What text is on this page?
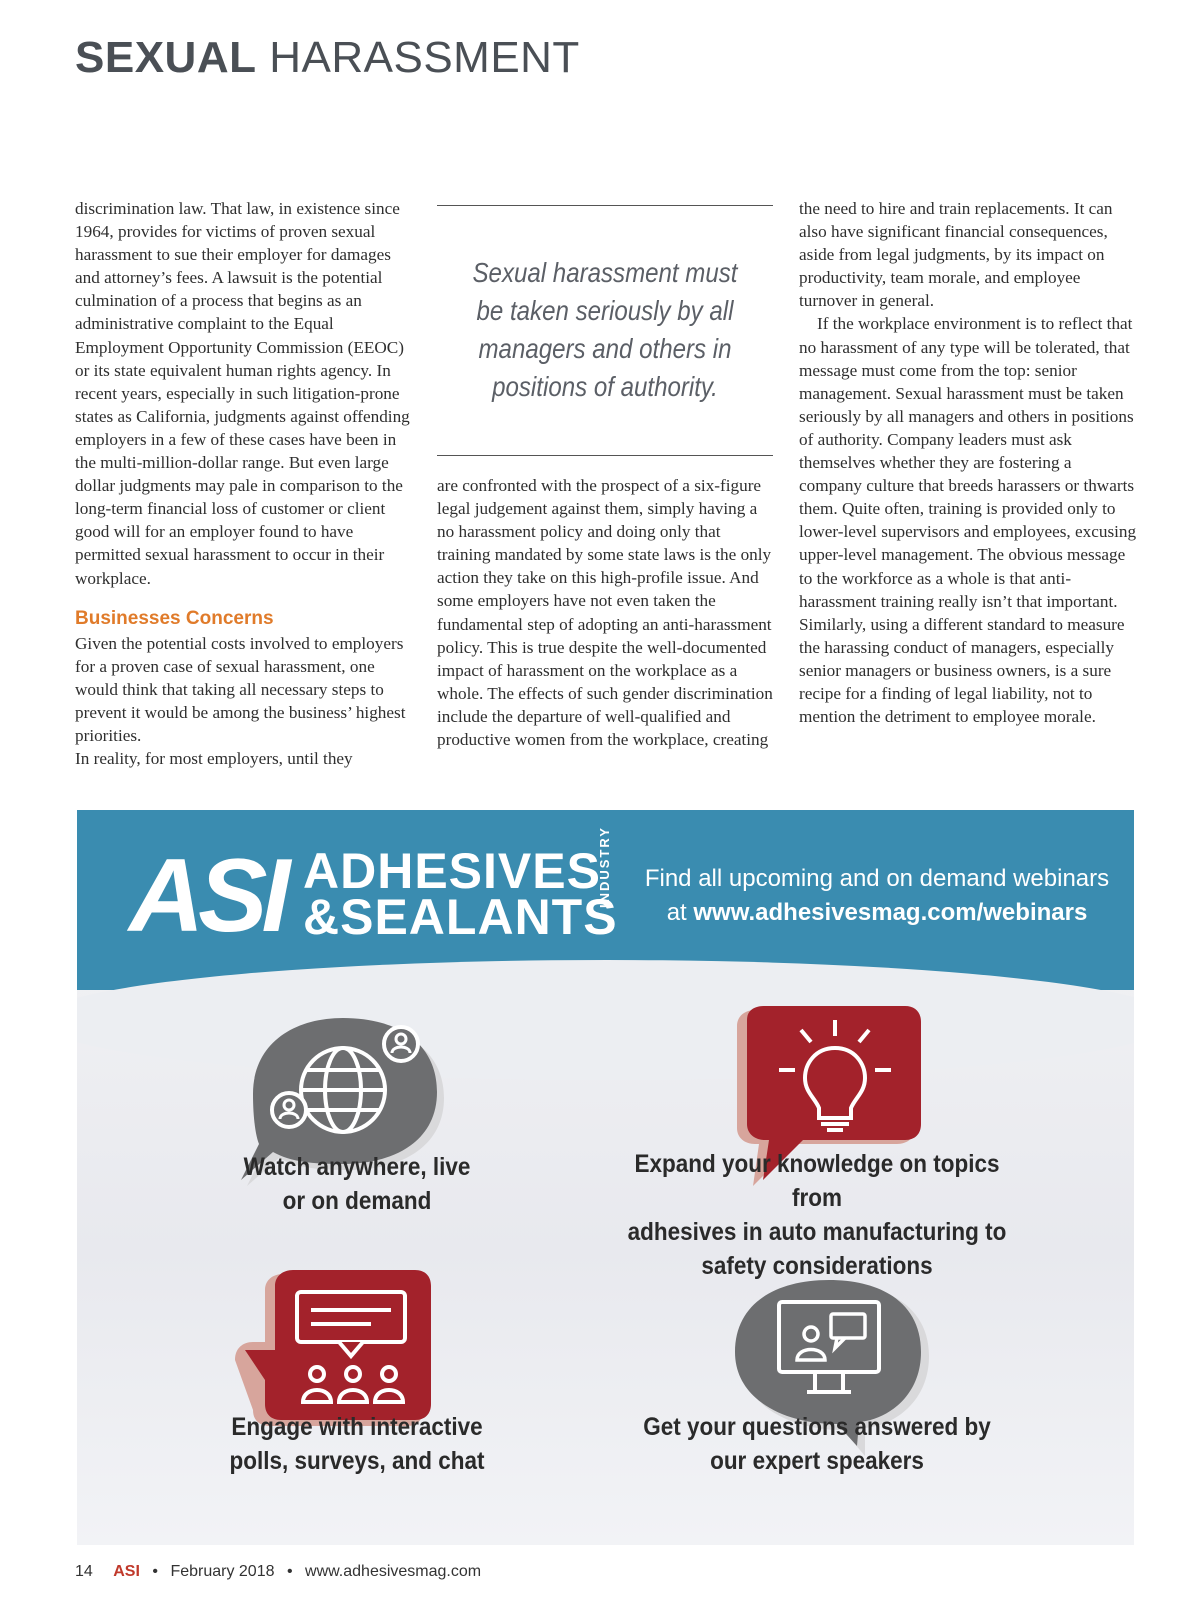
SEXUAL HARASSMENT

discrimination law. That law, in existence since 1964, provides for victims of proven sexual harassment to sue their employer for damages and attorney’s fees. A lawsuit is the potential culmination of a process that begins as an administrative complaint to the Equal Employment Opportunity Commission (EEOC) or its state equivalent human rights agency. In recent years, especially in such litigation-prone states as California, judgments against offending employers in a few of these cases have been in the multi-million-dollar range. But even large dollar judgments may pale in comparison to the long-term financial loss of customer or client good will for an employer found to have permitted sexual harassment to occur in their workplace.

Businesses Concerns

Given the potential costs involved to employers for a proven case of sexual harassment, one would think that taking all necessary steps to prevent it would be among the business’ highest priorities.

In reality, for most employers, until they

Sexual harassment must be taken seriously by all managers and others in positions of authority.

are confronted with the prospect of a six-figure legal judgement against them, simply having a no harassment policy and doing only that training mandated by some state laws is the only action they take on this high-profile issue. And some employers have not even taken the fundamental step of adopting an anti-harassment policy. This is true despite the well-documented impact of harassment on the workplace as a whole. The effects of such gender discrimination include the departure of well-qualified and productive women from the workplace, creating

the need to hire and train replacements. It can also have significant financial consequences, aside from legal judgments, by its impact on productivity, team morale, and employee turnover in general.

If the workplace environment is to reflect that no harassment of any type will be tolerated, that message must come from the top: senior management. Sexual harassment must be taken seriously by all managers and others in positions of authority. Company leaders must ask themselves whether they are fostering a company culture that breeds harassers or thwarts them. Quite often, training is provided only to lower-level supervisors and employees, excusing upper-level management. The obvious message to the workforce as a whole is that anti-harassment training really isn’t that important. Similarly, using a different standard to measure the harassing conduct of managers, especially senior managers or business owners, is a sure recipe for a finding of legal liability, not to mention the detriment to employee morale.

ASI ADHESIVES
&SEALANTS
INDUSTRY	Find all upcoming and on demand webinars
at www.adhesivesmag.com/webinars
Watch anywhere, live
or on demand
Expand your knowledge on topics from
adhesives in auto manufacturing to
safety considerations
Engage with interactive
polls, surveys, and chat
Get your questions answered by
our expert speakers
14 ASI • February 2018 • www.adhesivesmag.com
